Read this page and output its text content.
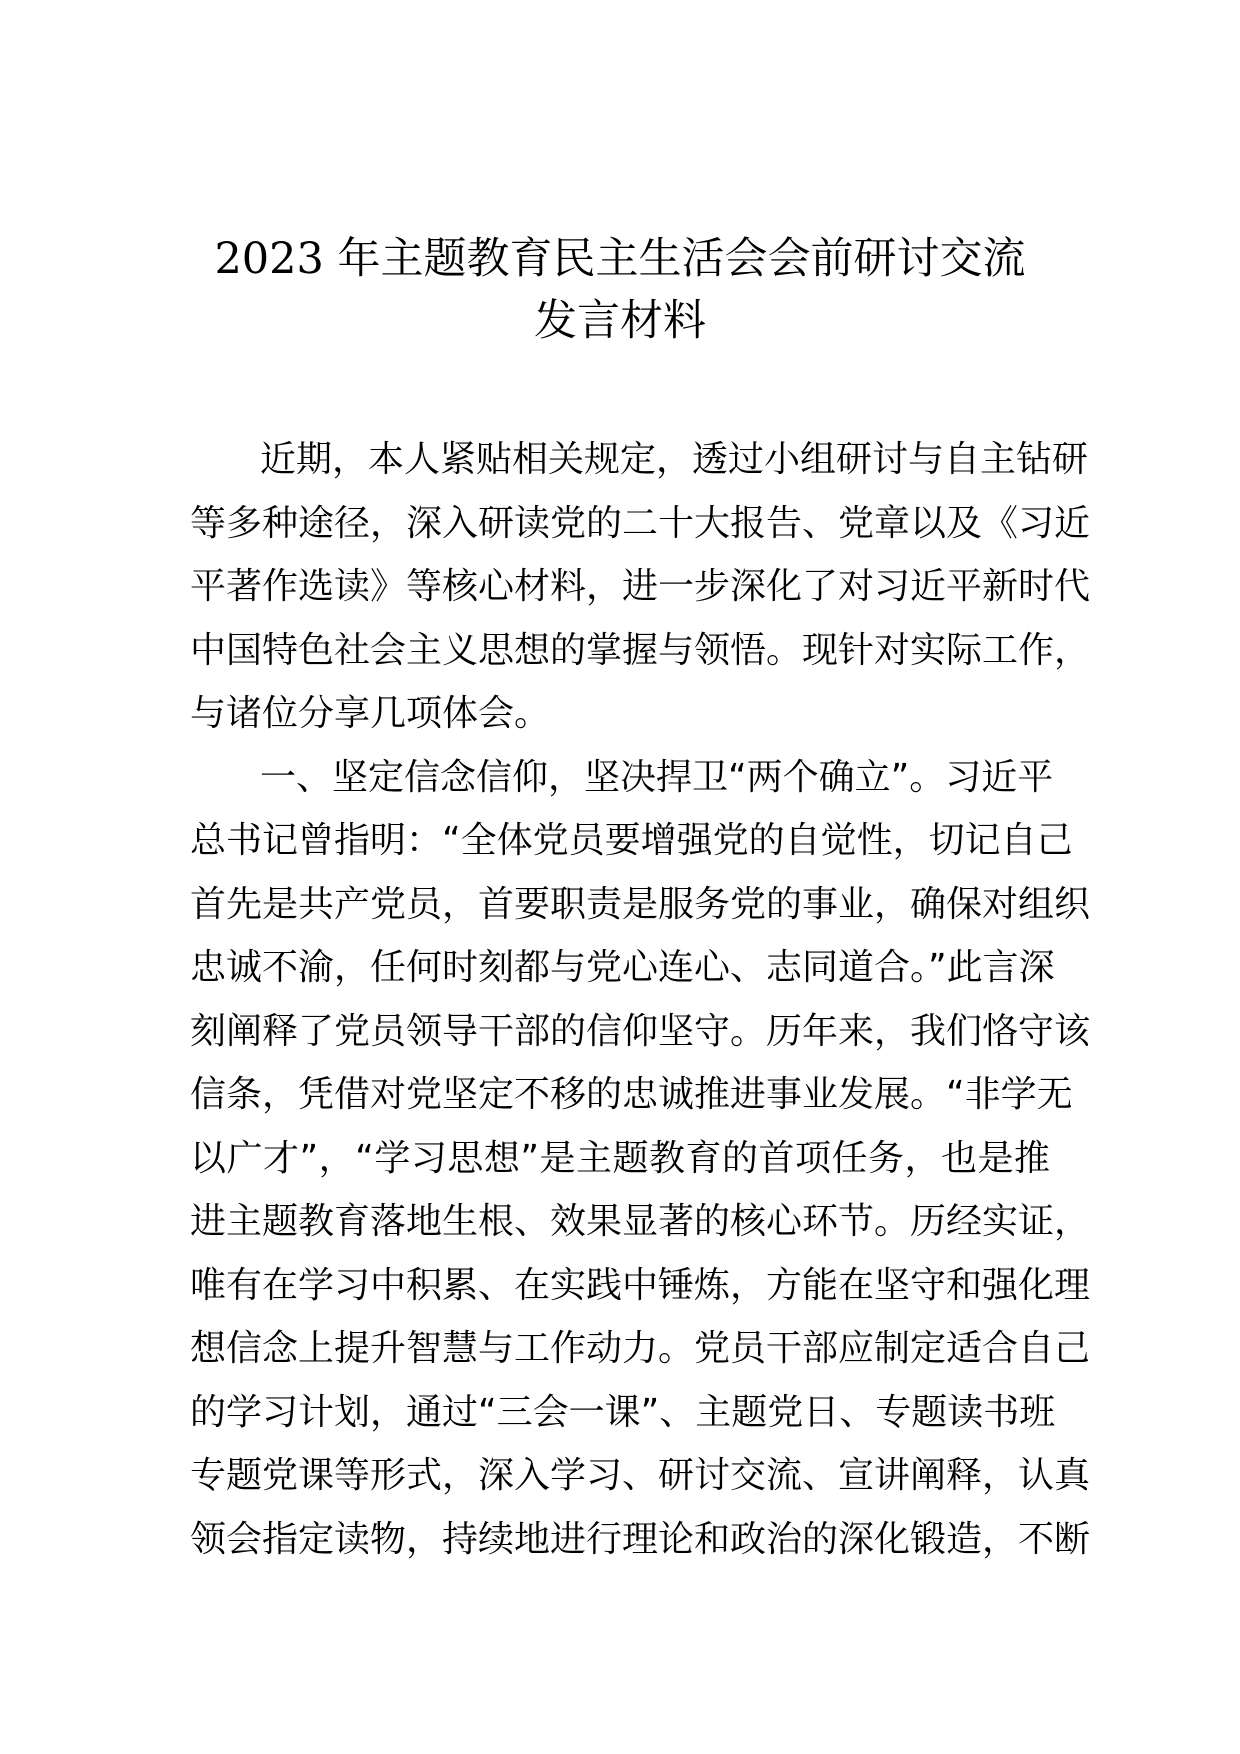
2023 年主题教育民主生活会会前研讨交流
发言材料
近期，本人紧贴相关规定，透过小组研讨与自主钻研
等多种途径，深入研读党的二十大报告、党章以及《习近
平著作选读》等核心材料，进一步深化了对习近平新时代
中国特色社会主义思想的掌握与领悟。现针对实际工作，
与诸位分享几项体会。
一、坚定信念信仰，坚决捍卫“两个确立”。习近平
总书记曾指明：“全体党员要增强党的自觉性，切记自己
首先是共产党员，首要职责是服务党的事业，确保对组织
忠诚不渝，任何时刻都与党心连心、志同道合。”此言深
刻阐释了党员领导干部的信仰坚守。历年来，我们恪守该
信条，凭借对党坚定不移的忠诚推进事业发展。“非学无
以广才”，“学习思想”是主题教育的首项任务，也是推
进主题教育落地生根、效果显著的核心环节。历经实证，
唯有在学习中积累、在实践中锤炼，方能在坚守和强化理
想信念上提升智慧与工作动力。党员干部应制定适合自己
的学习计划，通过“三会一课”、主题党日、专题读书班
专题党课等形式，深入学习、研讨交流、宣讲阐释，认真
领会指定读物，持续地进行理论和政治的深化锻造，不断
